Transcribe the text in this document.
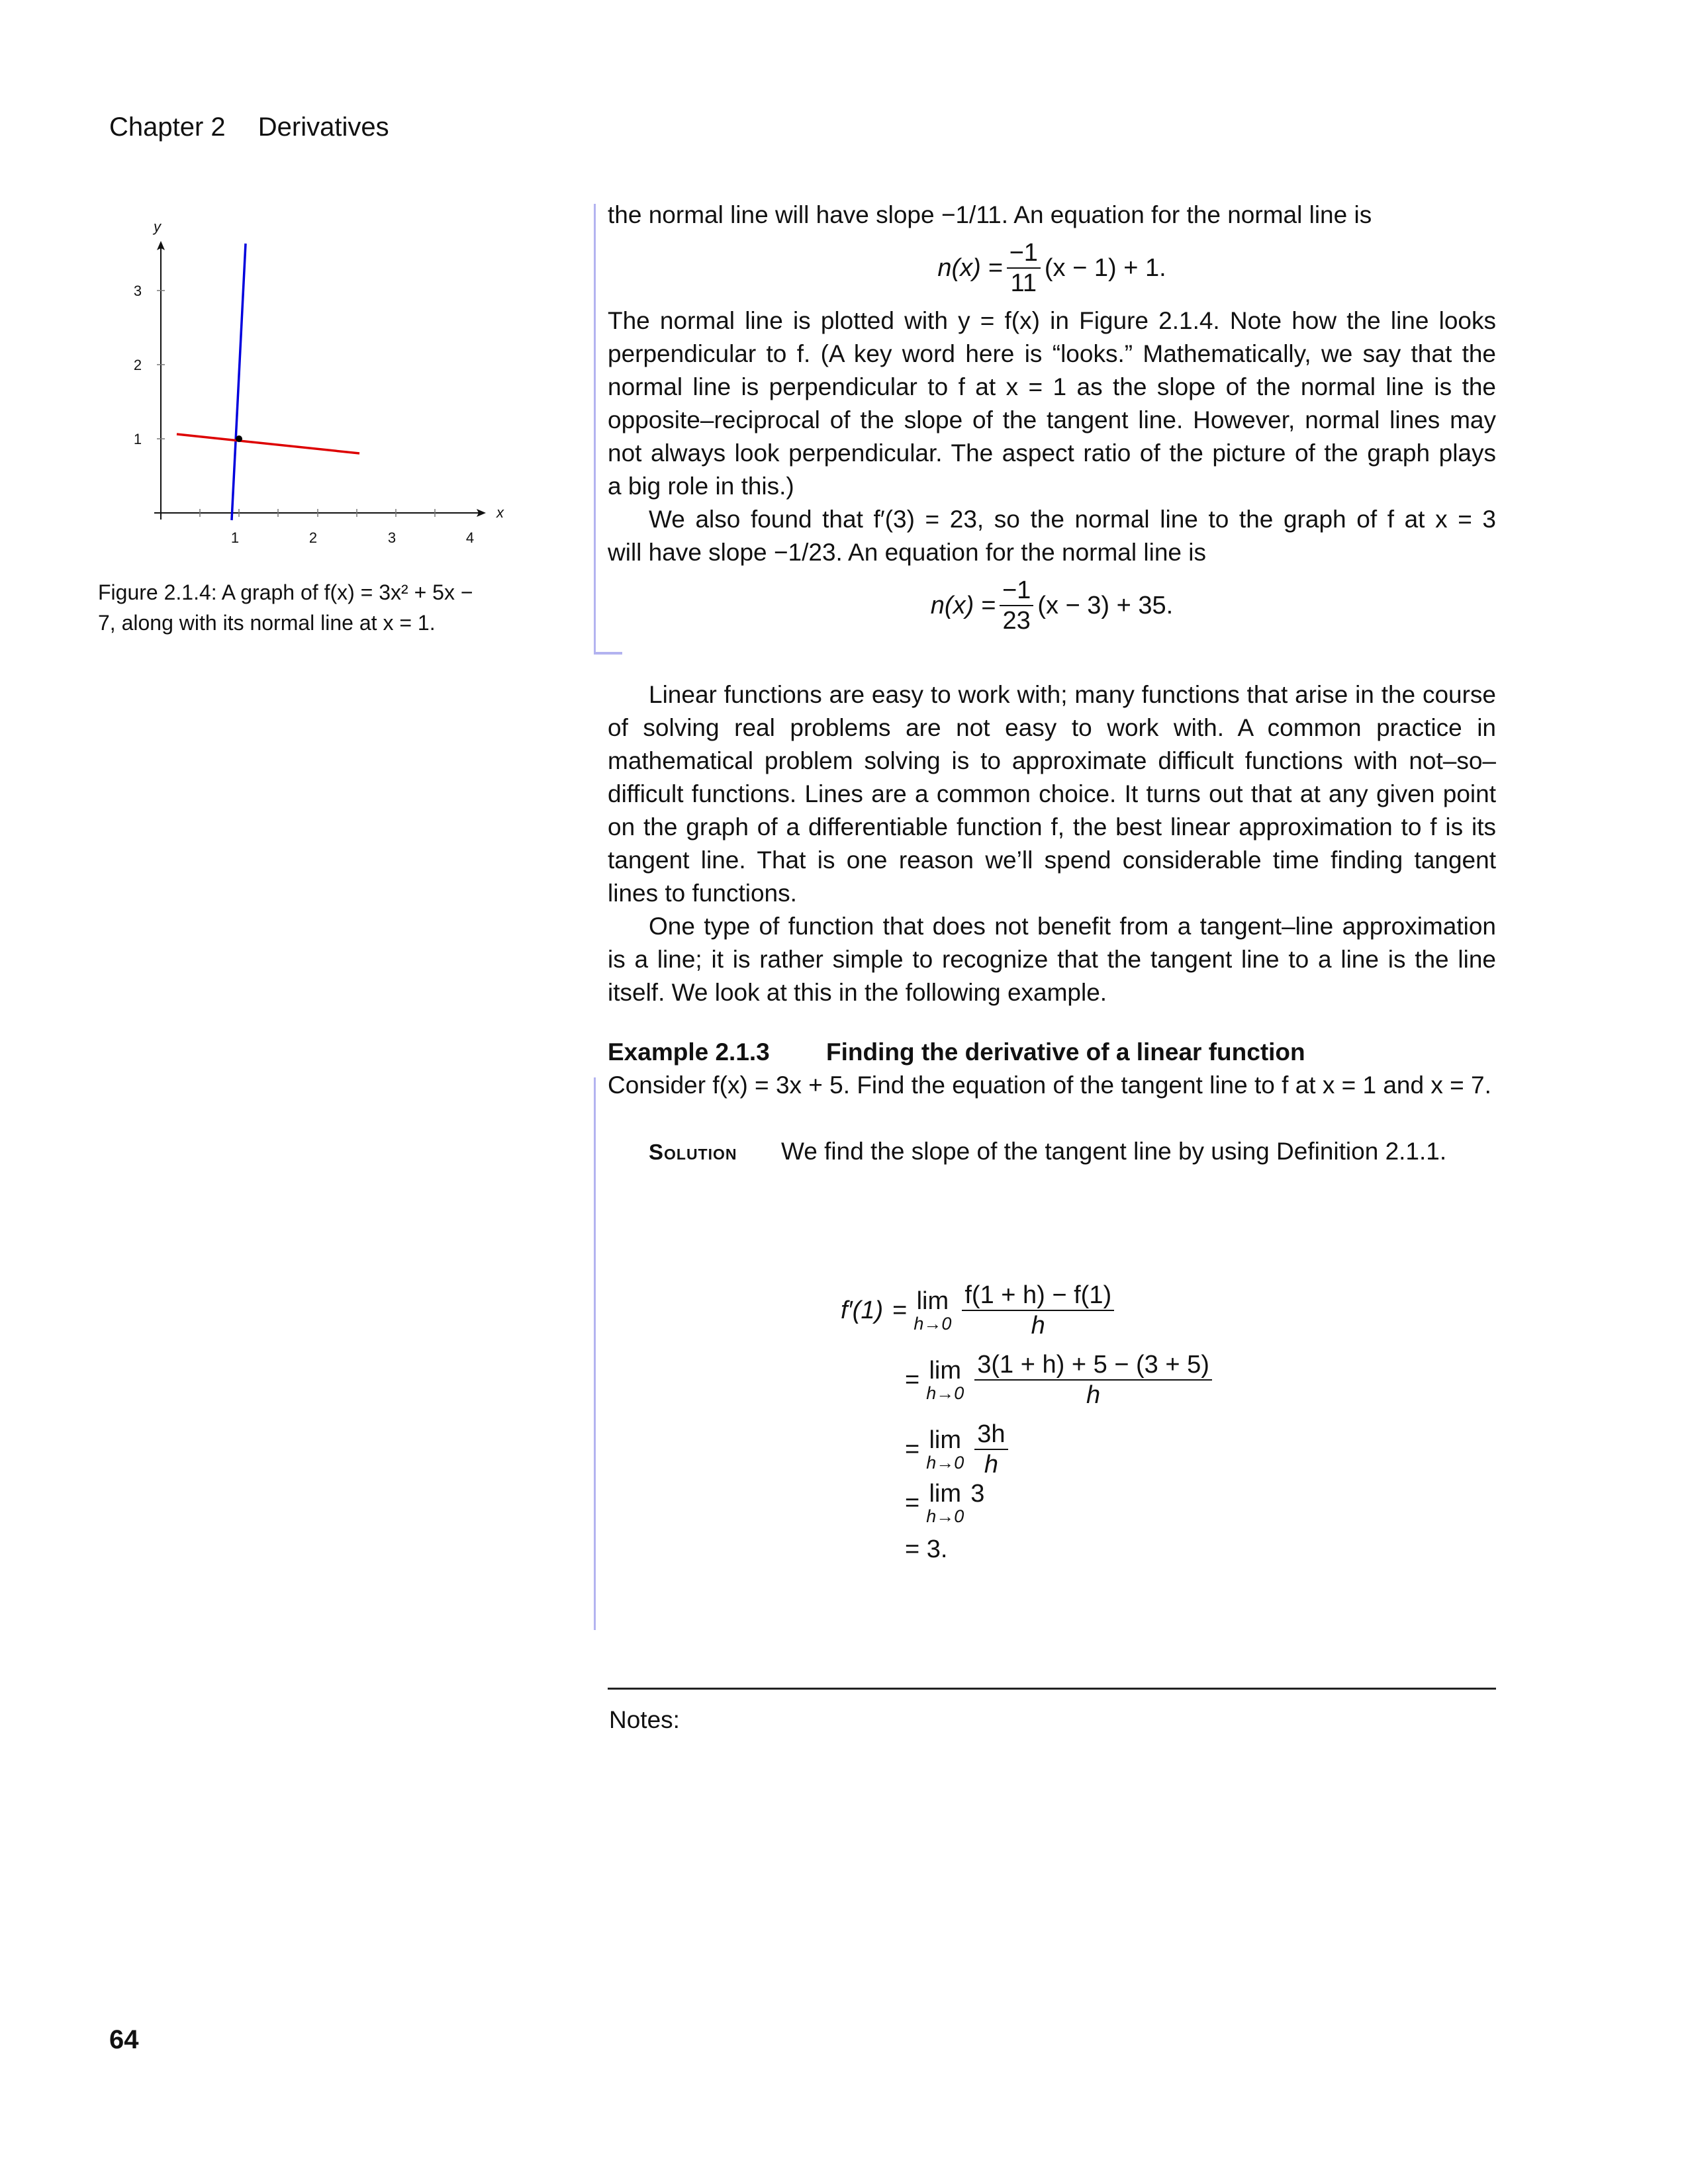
Chapter 2 Derivatives
1	2	3	4
1
2
3
x
y
Figure 2.1.4: A graph of f(x) = 3x² + 5x −
7, along with its normal line at x = 1.

the normal line will have slope −1/11. An equation for the normal line is

$n(x) = \frac{-1}{11} (x - 1) + 1$.

The normal line is plotted with y = f(x) in Figure 2.1.4. Note how the line looks

perpendicular to f. (A key word here is “looks.” Mathematically, we say that the

normal line is perpendicular to f at x = 1 as the slope of the normal line is the

opposite–reciprocal of the slope of the tangent line. However, normal lines may

not always look perpendicular. The aspect ratio of the picture of the graph plays

a big role in this.)

We also found that f′(3) = 23, so the normal line to the graph of f at x = 3

will have slope −1/23. An equation for the normal line is

$n(x) = \frac{-1}{23} (x - 3) + 35$.

Linear functions are easy to work with; many functions that arise in the course of solving real problems are not easy to work with. A common practice in mathematical problem solving is to approximate difficult functions with not–so–difficult functions. Lines are a common choice. It turns out that at any given point on the graph of a differentiable function f, the best linear approximation to f is its tangent line. That is one reason we’ll spend considerable time finding tangent lines to functions.

One type of function that does not benefit from a tangent–line approximation is a line; it is rather simple to recognize that the tangent line to a line is the line itself. We look at this in the following example.

Example 2.1.3 Finding the derivative of a linear function

Consider f(x) = 3x + 5. Find the equation of the tangent line to f at x = 1 and x = 7.

Solution We find the slope of the tangent line by using Definition 2.1.1.

f′(1) = lim
$h\to 0 \frac{f(1 + h) - f(1)}{h}$
= lim
$h\to 0 \frac{3(1 + h) + 5 - (3 + 5)}{h}$
= lim
$h\to 0 \frac{3h}{h}$
= lim
h→0
3
= 3.
Notes:
64
